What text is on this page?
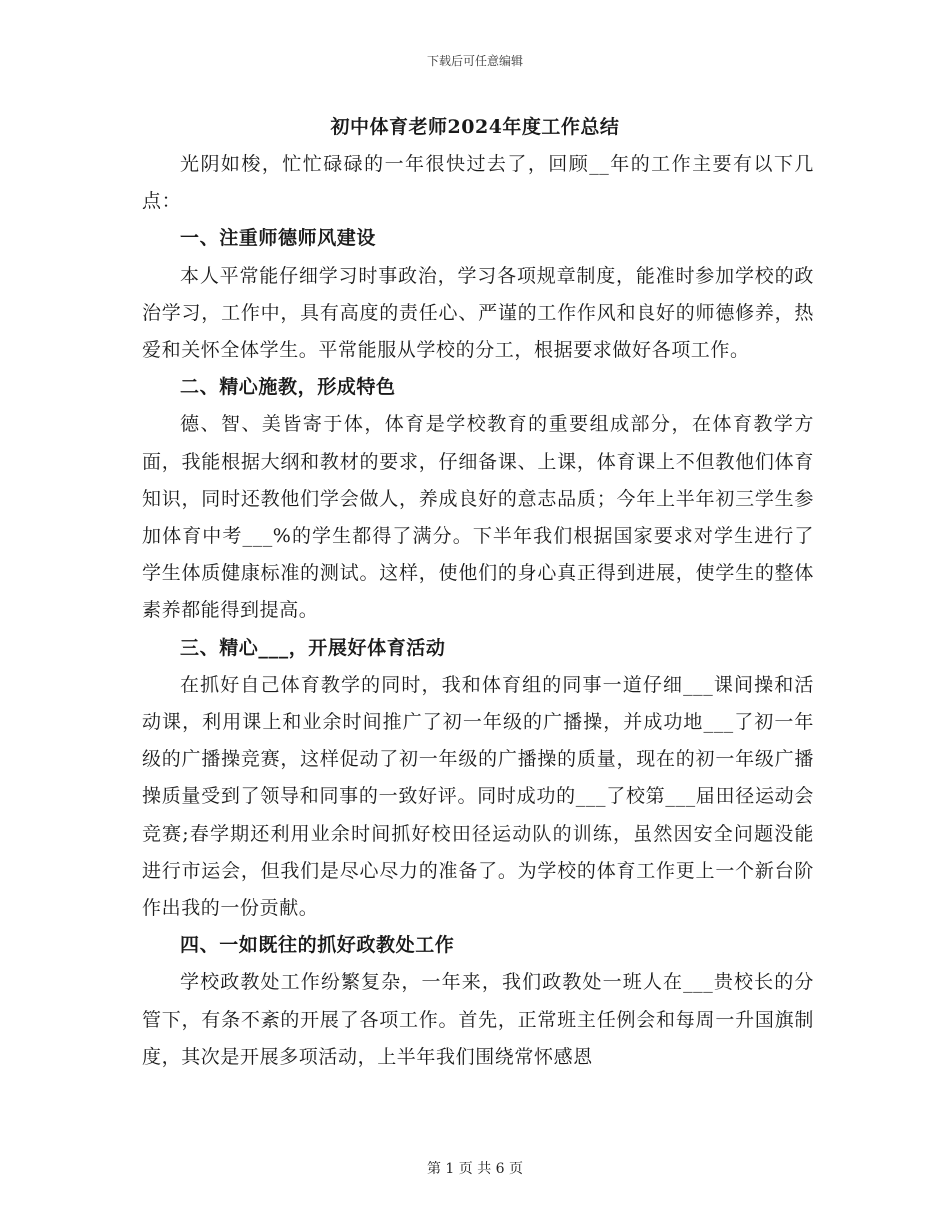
下载后可任意编辑
初中体育老师2024年度工作总结

光阴如梭，忙忙碌碌的一年很快过去了，回顾__年的工作主要有以下几点：

一、注重师德师风建设

本人平常能仔细学习时事政治，学习各项规章制度，能准时参加学校的政治学习，工作中，具有高度的责任心、严谨的工作作风和良好的师德修养，热爱和关怀全体学生。平常能服从学校的分工，根据要求做好各项工作。

二、精心施教，形成特色

德、智、美皆寄于体，体育是学校教育的重要组成部分，在体育教学方面，我能根据大纲和教材的要求，仔细备课、上课，体育课上不但教他们体育知识，同时还教他们学会做人，养成良好的意志品质；今年上半年初三学生参加体育中考___%的学生都得了满分。下半年我们根据国家要求对学生进行了学生体质健康标准的测试。这样，使他们的身心真正得到进展，使学生的整体素养都能得到提高。

三、精心___，开展好体育活动

在抓好自己体育教学的同时，我和体育组的同事一道仔细___课间操和活动课，利用课上和业余时间推广了初一年级的广播操，并成功地___了初一年级的广播操竞赛，这样促动了初一年级的广播操的质量，现在的初一年级广播操质量受到了领导和同事的一致好评。同时成功的___了校第___届田径运动会竞赛;春学期还利用业余时间抓好校田径运动队的训练，虽然因安全问题没能进行市运会，但我们是尽心尽力的准备了。为学校的体育工作更上一个新台阶作出我的一份贡献。

四、一如既往的抓好政教处工作

学校政教处工作纷繁复杂，一年来，我们政教处一班人在___贵校长的分管下，有条不紊的开展了各项工作。首先，正常班主任例会和每周一升国旗制度，其次是开展多项活动，上半年我们围绕常怀感恩

第 1 页 共 6 页
